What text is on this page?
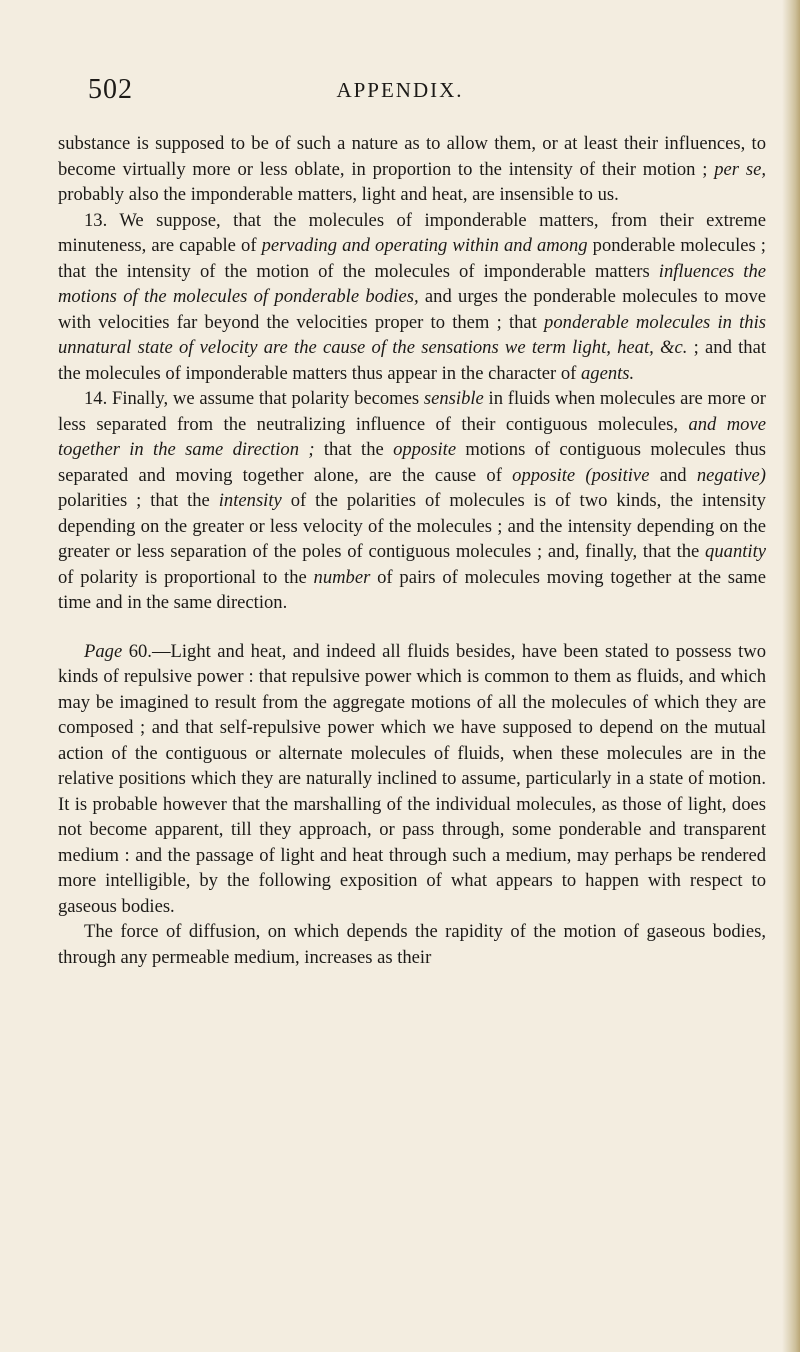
502	APPENDIX.

substance is supposed to be of such a nature as to allow them, or at least their influences, to become virtually more or less oblate, in proportion to the intensity of their motion ; per se, probably also the imponderable matters, light and heat, are insensible to us.

13. We suppose, that the molecules of imponderable matters, from their extreme minuteness, are capable of pervading and operating within and among ponderable molecules ; that the intensity of the motion of the molecules of imponderable matters influences the motions of the molecules of ponderable bodies, and urges the ponderable molecules to move with velocities far beyond the velocities proper to them ; that ponderable molecules in this unnatural state of velocity are the cause of the sensations we term light, heat, &c. ; and that the molecules of imponderable matters thus appear in the character of agents.

14. Finally, we assume that polarity becomes sensible in fluids when molecules are more or less separated from the neutralizing influence of their contiguous molecules, and move together in the same direction ; that the opposite motions of contiguous molecules thus separated and moving together alone, are the cause of opposite (positive and negative) polarities ; that the intensity of the polarities of molecules is of two kinds, the intensity depending on the greater or less velocity of the molecules ; and the intensity depending on the greater or less separation of the poles of contiguous molecules ; and, finally, that the quantity of polarity is proportional to the number of pairs of molecules moving together at the same time and in the same direction.

Page 60.—Light and heat, and indeed all fluids besides, have been stated to possess two kinds of repulsive power : that repulsive power which is common to them as fluids, and which may be imagined to result from the aggregate motions of all the molecules of which they are composed ; and that self-repulsive power which we have supposed to depend on the mutual action of the contiguous or alternate molecules of fluids, when these molecules are in the relative positions which they are naturally inclined to assume, particularly in a state of motion. It is probable however that the marshalling of the individual molecules, as those of light, does not become apparent, till they approach, or pass through, some ponderable and transparent medium : and the passage of light and heat through such a medium, may perhaps be rendered more intelligible, by the following exposition of what appears to happen with respect to gaseous bodies.

The force of diffusion, on which depends the rapidity of the motion of gaseous bodies, through any permeable medium, increases as their
